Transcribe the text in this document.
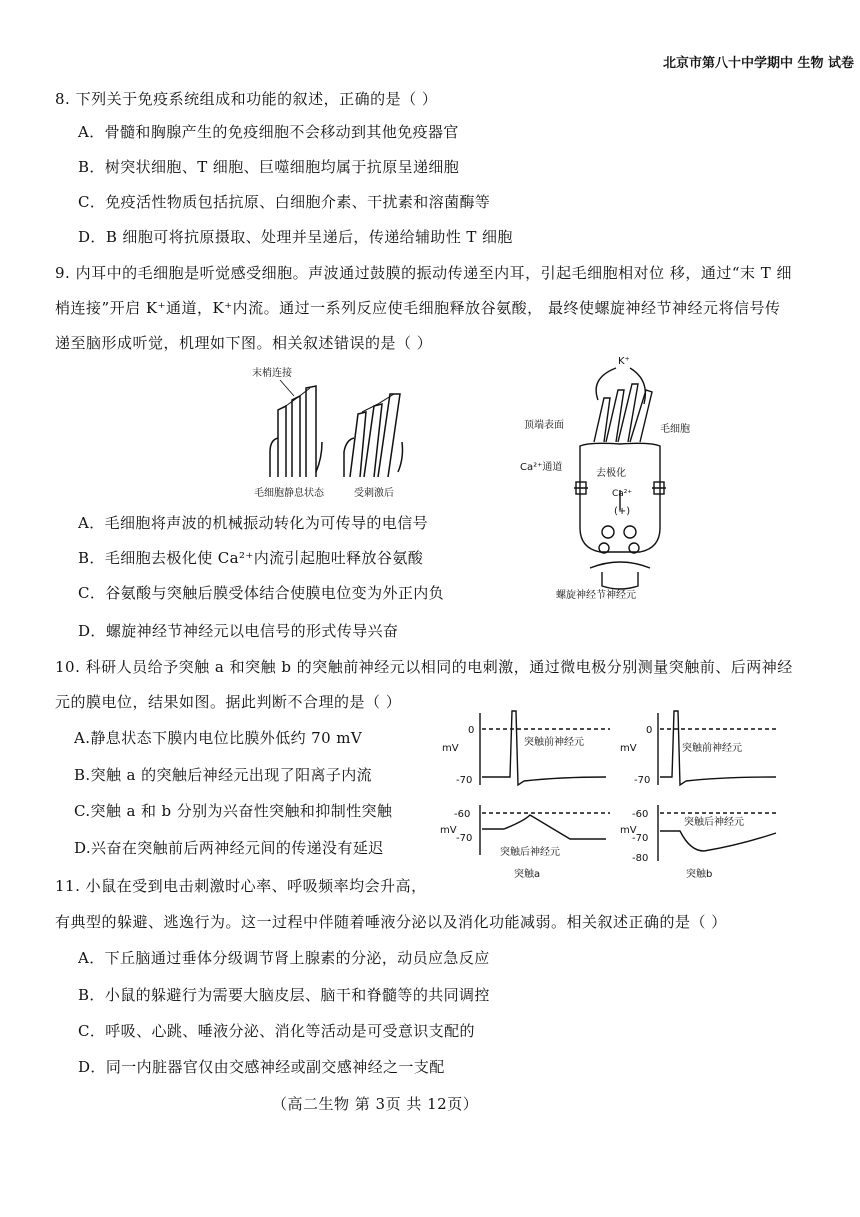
北京市第八十中学期中 生物 试卷
8. 下列关于免疫系统组成和功能的叙述，正确的是（ ）
A．骨髓和胸腺产生的免疫细胞不会移动到其他免疫器官
B．树突状细胞、T 细胞、巨噬细胞均属于抗原呈递细胞
C．免疫活性物质包括抗原、白细胞介素、干扰素和溶菌酶等
D．B 细胞可将抗原摄取、处理并呈递后，传递给辅助性 T 细胞
9. 内耳中的毛细胞是听觉感受细胞。声波通过鼓膜的振动传递至内耳，引起毛细胞相对位 移，通过“末 T 细
梢连接”开启 K⁺通道，K⁺内流。通过一系列反应使毛细胞释放谷氨酸， 最终使螺旋神经节神经元将信号传
递至脑形成听觉，机理如下图。相关叙述错误的是（ ）
末梢连接
毛细胞静息状态	受刺激后
K⁺
顶端表面	毛细胞
Ca²⁺通道
去极化
Ca²⁺
(+)
螺旋神经节神经元
A．毛细胞将声波的机械振动转化为可传导的电信号
B．毛细胞去极化使 Ca²⁺内流引起胞吐释放谷氨酸
C．谷氨酸与突触后膜受体结合使膜电位变为外正内负
D．螺旋神经节神经元以电信号的形式传导兴奋
10. 科研人员给予突触 a 和突触 b 的突触前神经元以相同的电刺激，通过微电极分别测量突触前、后两神经
元的膜电位，结果如图。据此判断不合理的是（ ）
A.静息状态下膜内电位比膜外低约 70 mV
B.突触 a 的突触后神经元出现了阳离子内流
C.突触 a 和 b 分别为兴奋性突触和抑制性突触
D.兴奋在突触前后两神经元间的传递没有延迟
0
mV
-70
突触前神经元
-60
mV
-70
突触后神经元
突触a
0
mV
-70
突触前神经元
-60
mV
-70
突触后神经元
-80
突触b
11. 小鼠在受到电击刺激时心率、呼吸频率均会升高，
有典型的躲避、逃逸行为。这一过程中伴随着唾液分泌以及消化功能减弱。相关叙述正确的是（ ）
A．下丘脑通过垂体分级调节肾上腺素的分泌，动员应急反应
B．小鼠的躲避行为需要大脑皮层、脑干和脊髓等的共同调控
C．呼吸、心跳、唾液分泌、消化等活动是可受意识支配的
D．同一内脏器官仅由交感神经或副交感神经之一支配
（高二生物 第 3页 共 12页）
